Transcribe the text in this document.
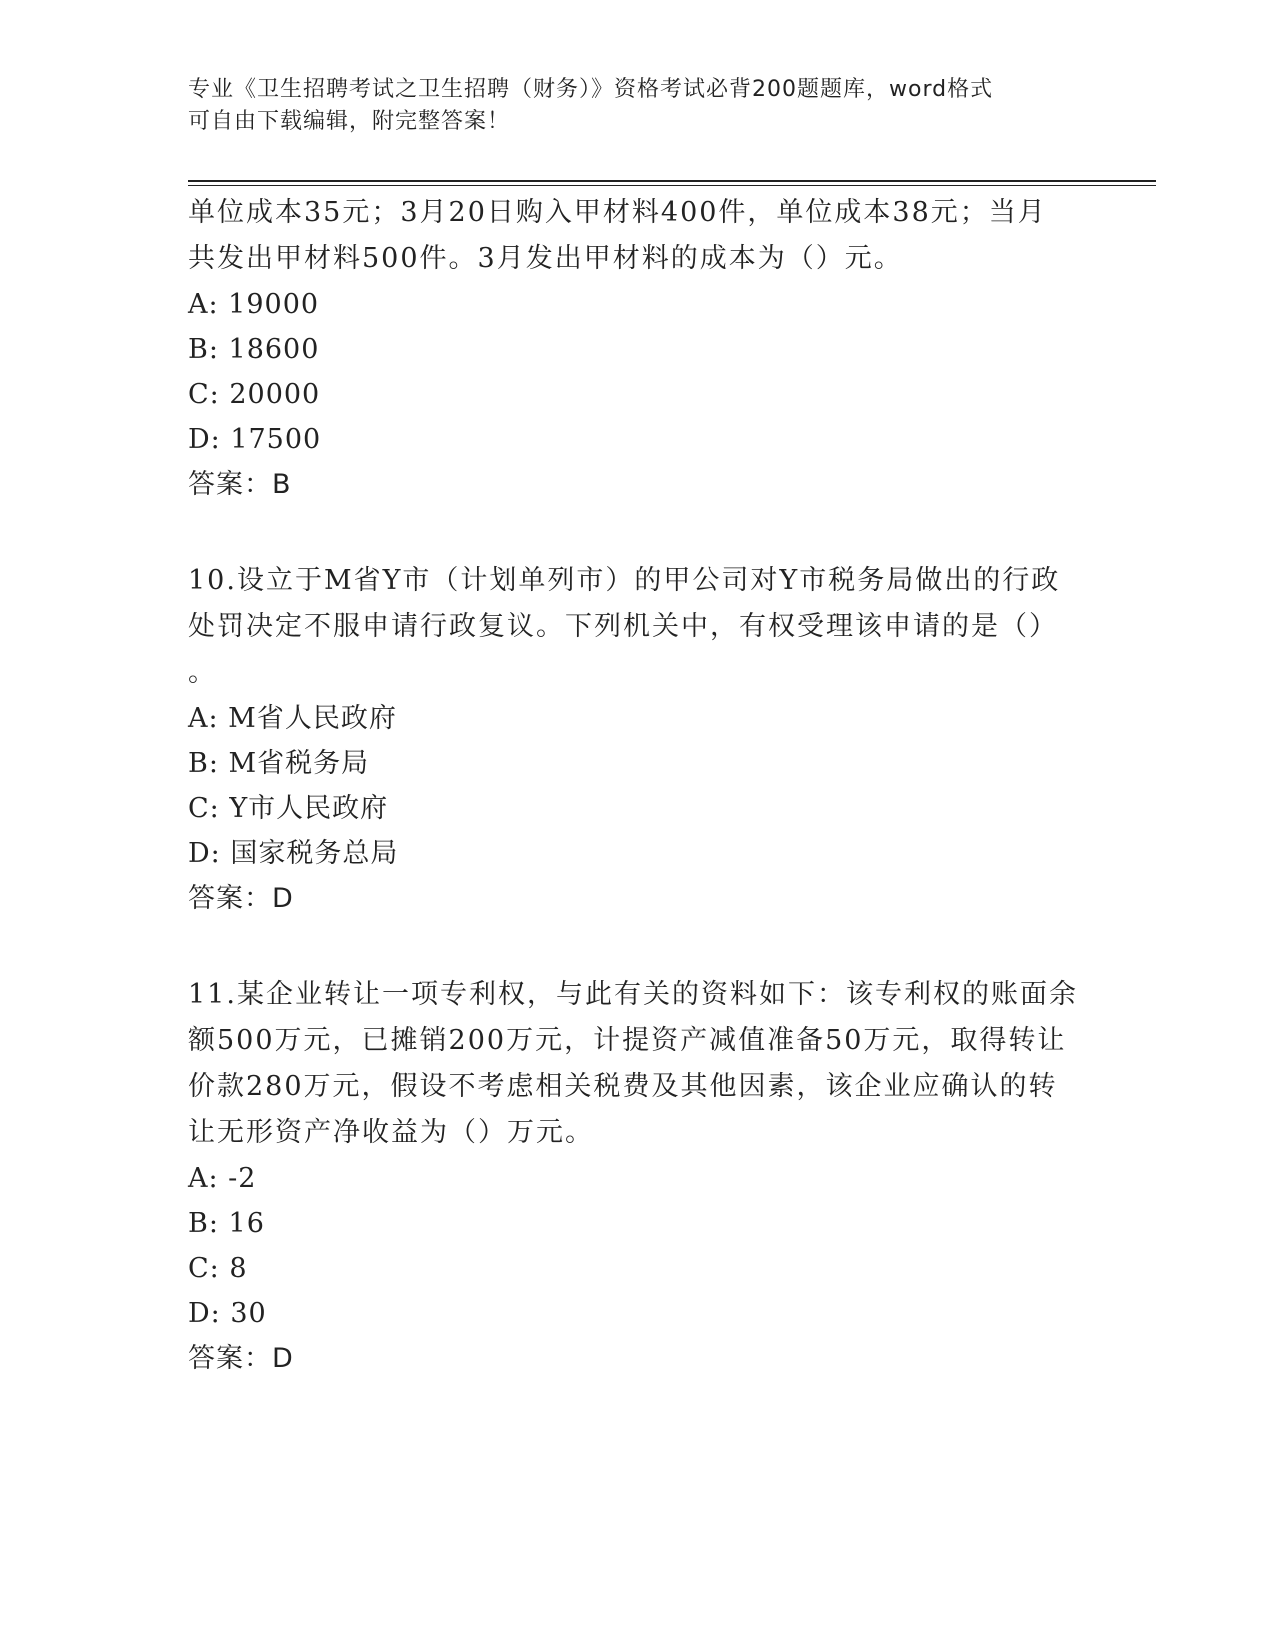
专业《卫生招聘考试之卫生招聘（财务）》资格考试必背200题题库，word格式
可自由下载编辑，附完整答案！

单位成本35元；3月20日购入甲材料400件，单位成本38元；当月

共发出甲材料500件。3月发出甲材料的成本为（）元。

A: 19000

B: 18600

C: 20000

D: 17500

答案：B

10.设立于M省Y市（计划单列市）的甲公司对Y市税务局做出的行政

处罚决定不服申请行政复议。下列机关中，有权受理该申请的是（）

。

A: M省人民政府

B: M省税务局

C: Y市人民政府

D: 国家税务总局

答案：D

11.某企业转让一项专利权，与此有关的资料如下：该专利权的账面余

额500万元，已摊销200万元，计提资产减值准备50万元，取得转让

价款280万元，假设不考虑相关税费及其他因素，该企业应确认的转

让无形资产净收益为（）万元。

A: -2

B: 16

C: 8

D: 30

答案：D
